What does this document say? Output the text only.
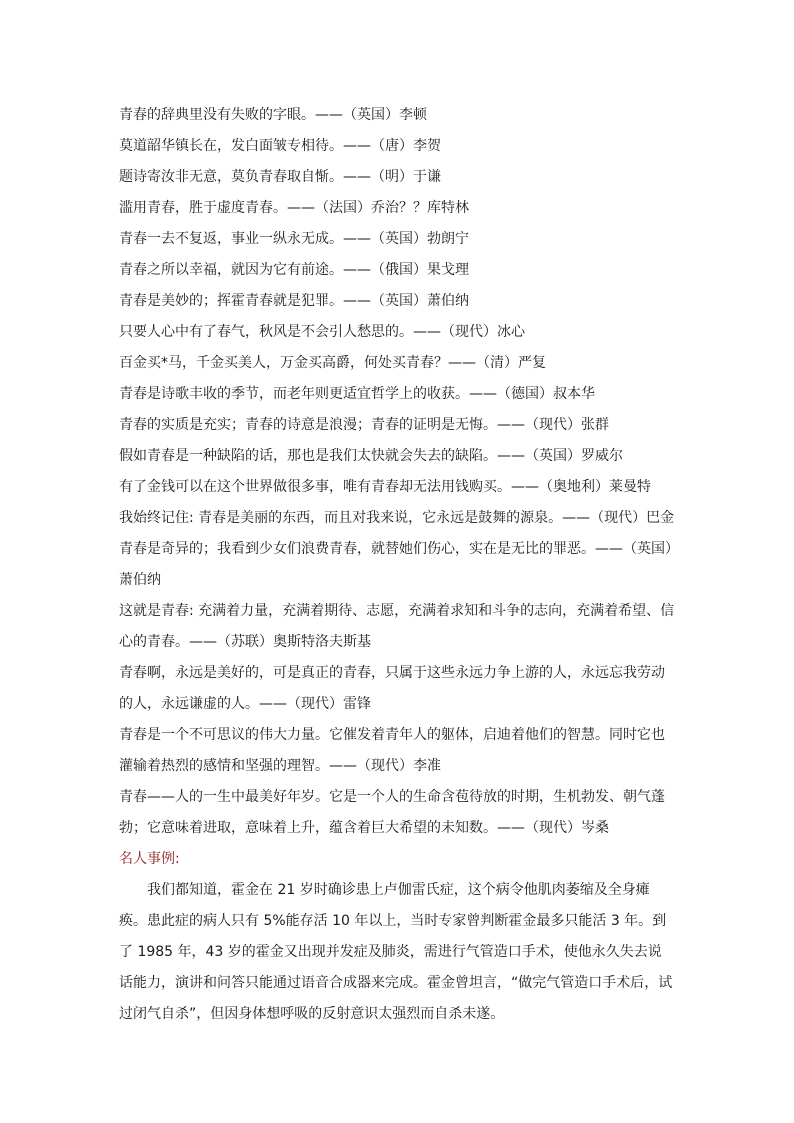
青春的辞典里没有失败的字眼。——（英国）李顿

莫道韶华镇长在，发白面皱专相待。——（唐）李贺

题诗寄汝非无意，莫负青春取自惭。——（明）于谦

滥用青春，胜于虚度青春。——（法国）乔治？？库特林

青春一去不复返，事业一纵永无成。——（英国）勃朗宁

青春之所以幸福，就因为它有前途。——（俄国）果戈理

青春是美妙的；挥霍青春就是犯罪。——（英国）萧伯纳

只要人心中有了春气，秋风是不会引人愁思的。——（现代）冰心

百金买*马，千金买美人，万金买高爵，何处买青春？——（清）严复

青春是诗歌丰收的季节，而老年则更适宜哲学上的收获。——（德国）叔本华

青春的实质是充实；青春的诗意是浪漫；青春的证明是无悔。——（现代）张群

假如青春是一种缺陷的话，那也是我们太快就会失去的缺陷。——（英国）罗威尔

有了金钱可以在这个世界做很多事，唯有青春却无法用钱购买。——（奥地利）莱曼特

我始终记住: 青春是美丽的东西，而且对我来说，它永远是鼓舞的源泉。——（现代）巴金

青春是奇异的；我看到少女们浪费青春，就替她们伤心，实在是无比的罪恶。——（英国）萧伯纳

这就是青春: 充满着力量，充满着期待、志愿，充满着求知和斗争的志向，充满着希望、信心的青春。——（苏联）奥斯特洛夫斯基

青春啊，永远是美好的，可是真正的青春，只属于这些永远力争上游的人，永远忘我劳动的人，永远谦虚的人。——（现代）雷锋

青春是一个不可思议的伟大力量。它催发着青年人的躯体，启迪着他们的智慧。同时它也灌输着热烈的感情和坚强的理智。——（现代）李准

青春——人的一生中最美好年岁。它是一个人的生命含苞待放的时期，生机勃发、朝气蓬勃；它意味着进取，意味着上升，蕴含着巨大希望的未知数。——（现代）岑桑

名人事例:

我们都知道，霍金在 21 岁时确诊患上卢伽雷氏症，这个病令他肌肉萎缩及全身瘫痪。患此症的病人只有 5%能存活 10 年以上，当时专家曾判断霍金最多只能活 3 年。到了 1985 年，43 岁的霍金又出现并发症及肺炎，需进行气管造口手术，使他永久失去说话能力，演讲和问答只能通过语音合成器来完成。霍金曾坦言，“做完气管造口手术后，试过闭气自杀”，但因身体想呼吸的反射意识太强烈而自杀未遂。
